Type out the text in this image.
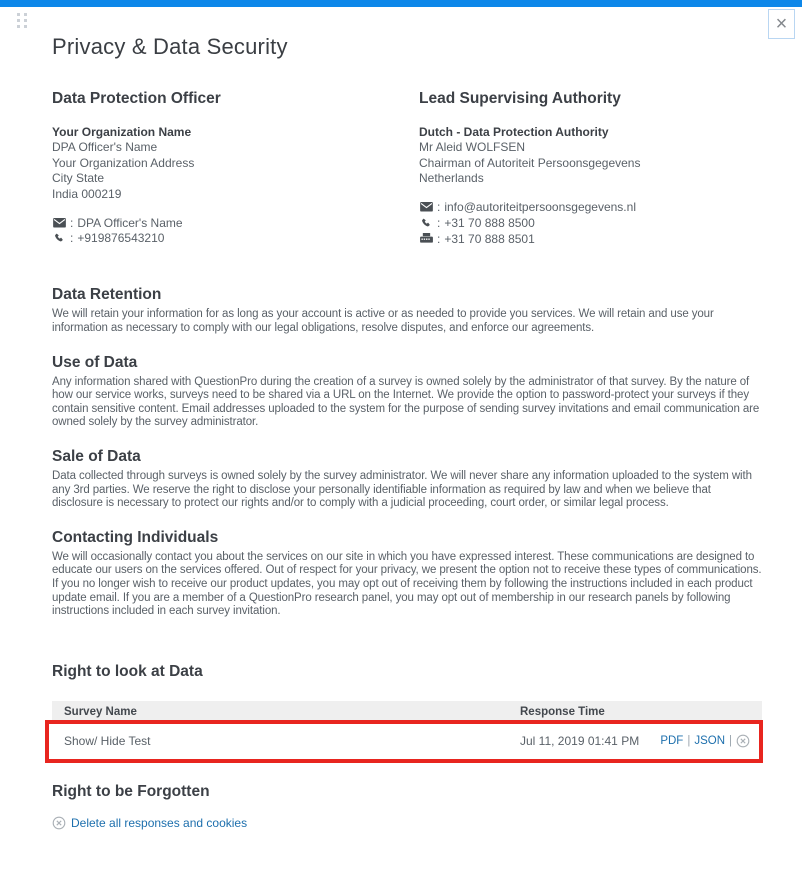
×
Privacy & Data Security
Data Protection Officer
Your Organization Name
DPA Officer's Name
Your Organization Address
City State
India 000219
: DPA Officer's Name
: +919876543210
Lead Supervising Authority
Dutch - Data Protection Authority
Mr Aleid WOLFSEN
Chairman of Autoriteit Persoonsgegevens
Netherlands
: info@autoriteitpersoonsgegevens.nl
: +31 70 888 8500
: +31 70 888 8501
Data Retention

We will retain your information for as long as your account is active or as needed to provide you services. We will retain and use your information as necessary to comply with our legal obligations, resolve disputes, and enforce our agreements.

Use of Data

Any information shared with QuestionPro during the creation of a survey is owned solely by the administrator of that survey. By the nature of how our service works, surveys need to be shared via a URL on the Internet. We provide the option to password-protect your surveys if they contain sensitive content. Email addresses uploaded to the system for the purpose of sending survey invitations and email communication are owned solely by the survey administrator.

Sale of Data

Data collected through surveys is owned solely by the survey administrator. We will never share any information uploaded to the system with any 3rd parties. We reserve the right to disclose your personally identifiable information as required by law and when we believe that disclosure is necessary to protect our rights and/or to comply with a judicial proceeding, court order, or similar legal process.

Contacting Individuals

We will occasionally contact you about the services on our site in which you have expressed interest. These communications are designed to educate our users on the services offered. Out of respect for your privacy, we present the option not to receive these types of communications. If you no longer wish to receive our product updates, you may opt out of receiving them by following the instructions included in each product update email. If you are a member of a QuestionPro research panel, you may opt out of membership in our research panels by following instructions included in each survey invitation.

Right to look at Data
Survey Name	Response Time
Show/ Hide Test	Jul 11, 2019 01:41 PM	PDF | JSON |
Right to be Forgotten
Delete all responses and cookies
